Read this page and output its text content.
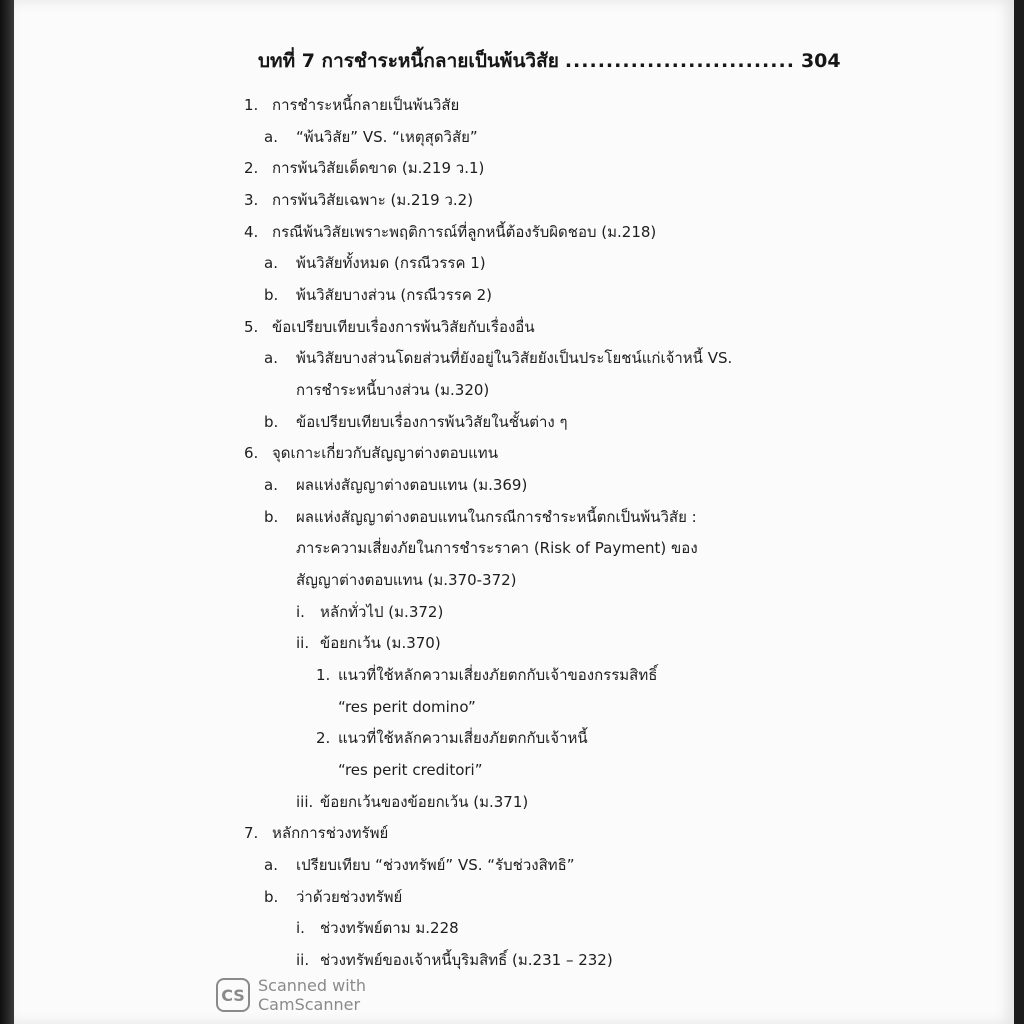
บทที่ 7 การชำระหนี้กลายเป็นพ้นวิสัย ............................ 304
1. การชำระหนี้กลายเป็นพ้นวิสัย
a.	“พ้นวิสัย” VS. “เหตุสุดวิสัย”
2. การพ้นวิสัยเด็ดขาด (ม.219 ว.1)
3. การพ้นวิสัยเฉพาะ (ม.219 ว.2)
4. กรณีพ้นวิสัยเพราะพฤติการณ์ที่ลูกหนี้ต้องรับผิดชอบ (ม.218)
a.	พ้นวิสัยทั้งหมด (กรณีวรรค 1)
b.	พ้นวิสัยบางส่วน (กรณีวรรค 2)
5. ข้อเปรียบเทียบเรื่องการพ้นวิสัยกับเรื่องอื่น
a.	พ้นวิสัยบางส่วนโดยส่วนที่ยังอยู่ในวิสัยยังเป็นประโยชน์แก่เจ้าหนี้ VS.
การชำระหนี้บางส่วน (ม.320)
b.	ข้อเปรียบเทียบเรื่องการพ้นวิสัยในชั้นต่าง ๆ
6. จุดเกาะเกี่ยวกับสัญญาต่างตอบแทน
a.	ผลแห่งสัญญาต่างตอบแทน (ม.369)
b.	ผลแห่งสัญญาต่างตอบแทนในกรณีการชำระหนี้ตกเป็นพ้นวิสัย :
ภาระความเสี่ยงภัยในการชำระราคา (Risk of Payment) ของ
สัญญาต่างตอบแทน (ม.370-372)
i.	หลักทั่วไป (ม.372)
ii. ข้อยกเว้น (ม.370)
1. แนวที่ใช้หลักความเสี่ยงภัยตกกับเจ้าของกรรมสิทธิ์
“res perit domino”
2. แนวที่ใช้หลักความเสี่ยงภัยตกกับเจ้าหนี้
“res perit creditori”
iii. ข้อยกเว้นของข้อยกเว้น (ม.371)
7. หลักการช่วงทรัพย์
a.	เปรียบเทียบ “ช่วงทรัพย์” VS. “รับช่วงสิทธิ”
b.	ว่าด้วยช่วงทรัพย์
i.	ช่วงทรัพย์ตาม ม.228
ii. ช่วงทรัพย์ของเจ้าหนี้บุริมสิทธิ์ (ม.231 – 232)
CS Scanned with
CamScanner
